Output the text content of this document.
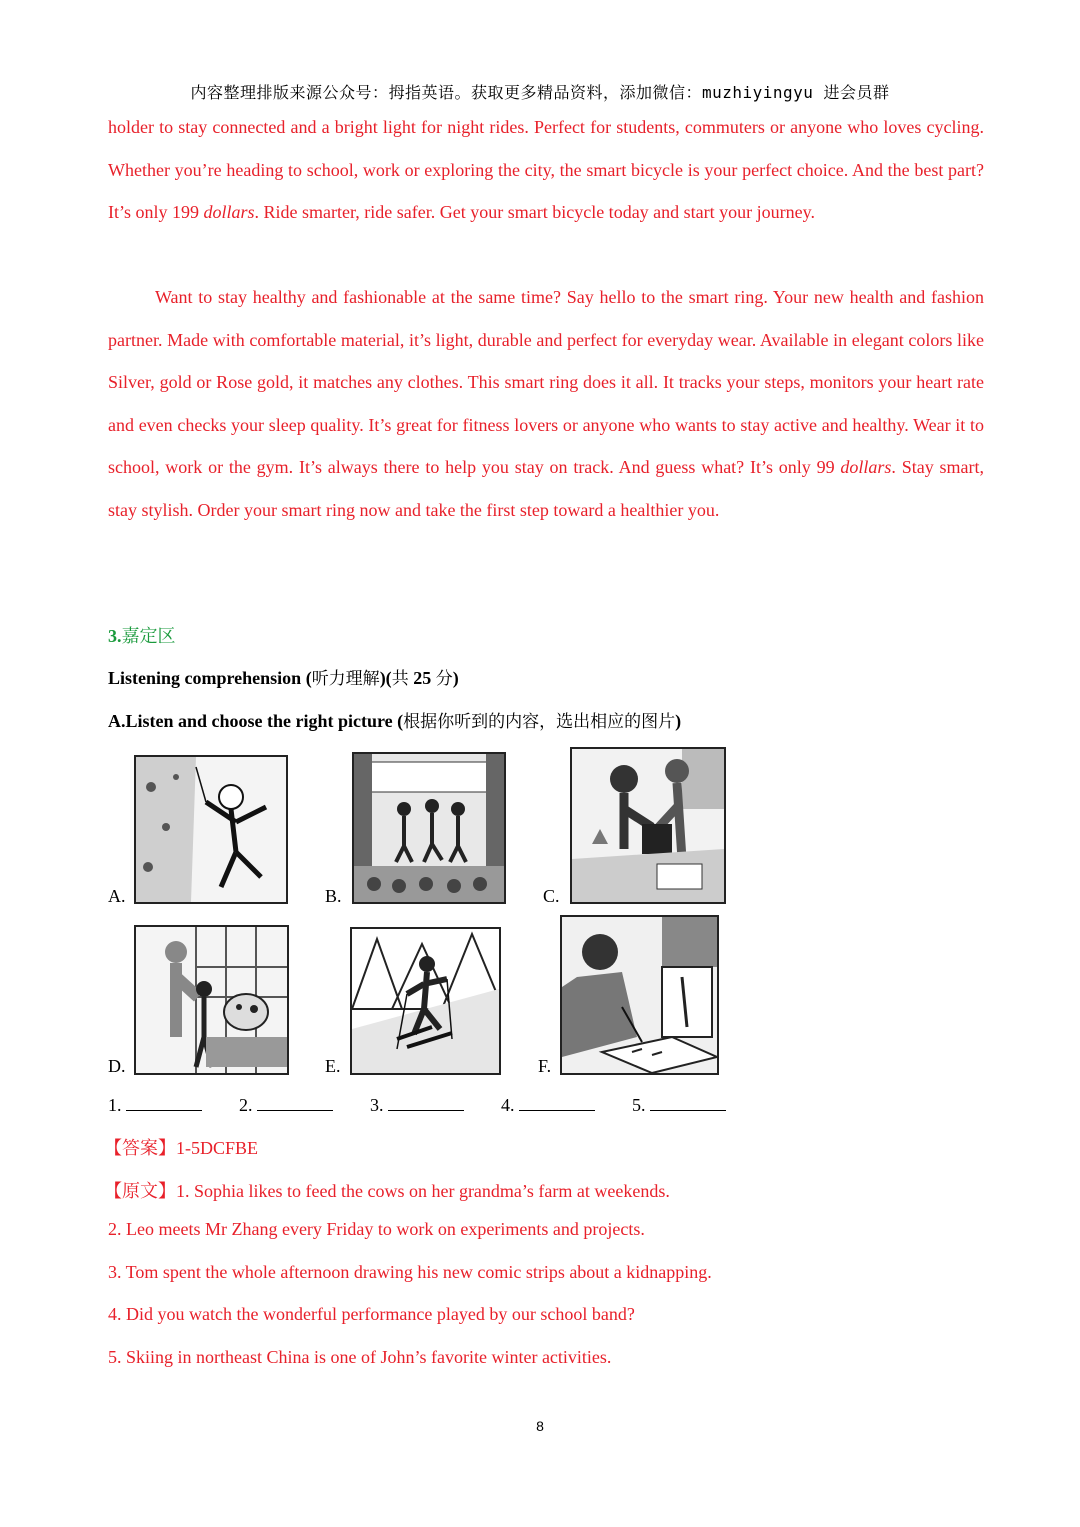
内容整理排版来源公众号：拇指英语。获取更多精品资料，添加微信：muzhiyingyu 进会员群
holder to stay connected and a bright light for night rides. Perfect for students, commuters or anyone who loves cycling. Whether you’re heading to school, work or exploring the city, the smart bicycle is your perfect choice. And the best part? It’s only 199 dollars. Ride smarter, ride safer. Get your smart bicycle today and start your journey.
Want to stay healthy and fashionable at the same time? Say hello to the smart ring. Your new health and fashion partner. Made with comfortable material, it’s light, durable and perfect for everyday wear. Available in elegant colors like Silver, gold or Rose gold, it matches any clothes. This smart ring does it all. It tracks your steps, monitors your heart rate and even checks your sleep quality. It’s great for fitness lovers or anyone who wants to stay active and healthy. Wear it to school, work or the gym. It’s always there to help you stay on track. And guess what? It’s only 99 dollars. Stay smart, stay stylish. Order your smart ring now and take the first step toward a healthier you.
3.嘉定区
Listening comprehension (听力理解)(共 25 分)
A.Listen and choose the right picture (根据你听到的内容，选出相应的图片)
A.	B.	C.
D.	E.	F.
1.	2.	3.	4.	5.
【答案】1-5DCFBE
【原文】1. Sophia likes to feed the cows on her grandma’s farm at weekends.
2. Leo meets Mr Zhang every Friday to work on experiments and projects.
3. Tom spent the whole afternoon drawing his new comic strips about a kidnapping.
4. Did you watch the wonderful performance played by our school band?
5. Skiing in northeast China is one of John’s favorite winter activities.
8
